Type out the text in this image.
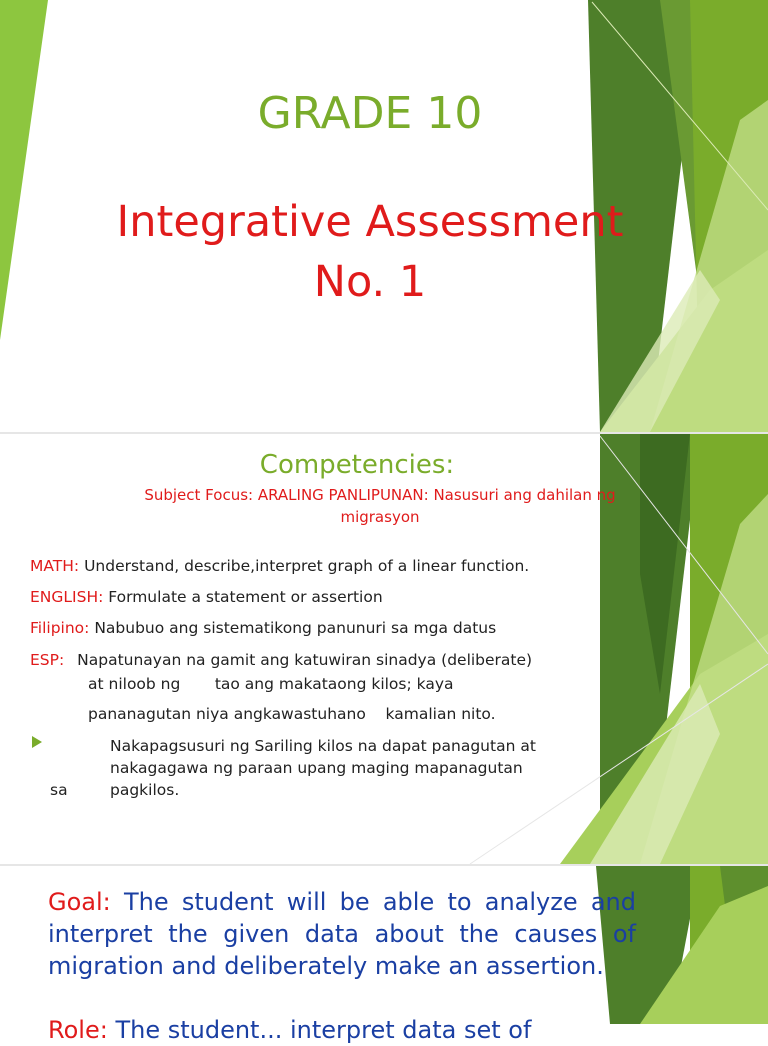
GRADE 10
Integrative Assessment
No. 1
Competencies:
Subject Focus: ARALING PANLIPUNAN: Nasusuri ang dahilan ng
migrasyon
MATH: Understand, describe,interpret graph of a linear function.
ENGLISH: Formulate a statement or assertion
Filipino: Nabubuo ang sistematikong panunuri sa mga datus
ESP: Napatunayan na gamit ang katuwiran sinadya (deliberate)
at niloob ng       tao ang makataong kilos; kaya
pananagutan niya angkawastuhano    kamalian nito.
Nakapagsusuri ng Sariling kilos na dapat panagutan at
nakagagawa ng paraan upang maging mapanagutan
sa	pagkilos.
Goal: The student will be able to analyze and interpret the given data about the causes of migration and deliberately make an assertion.
Role: The student... interpret data set of
